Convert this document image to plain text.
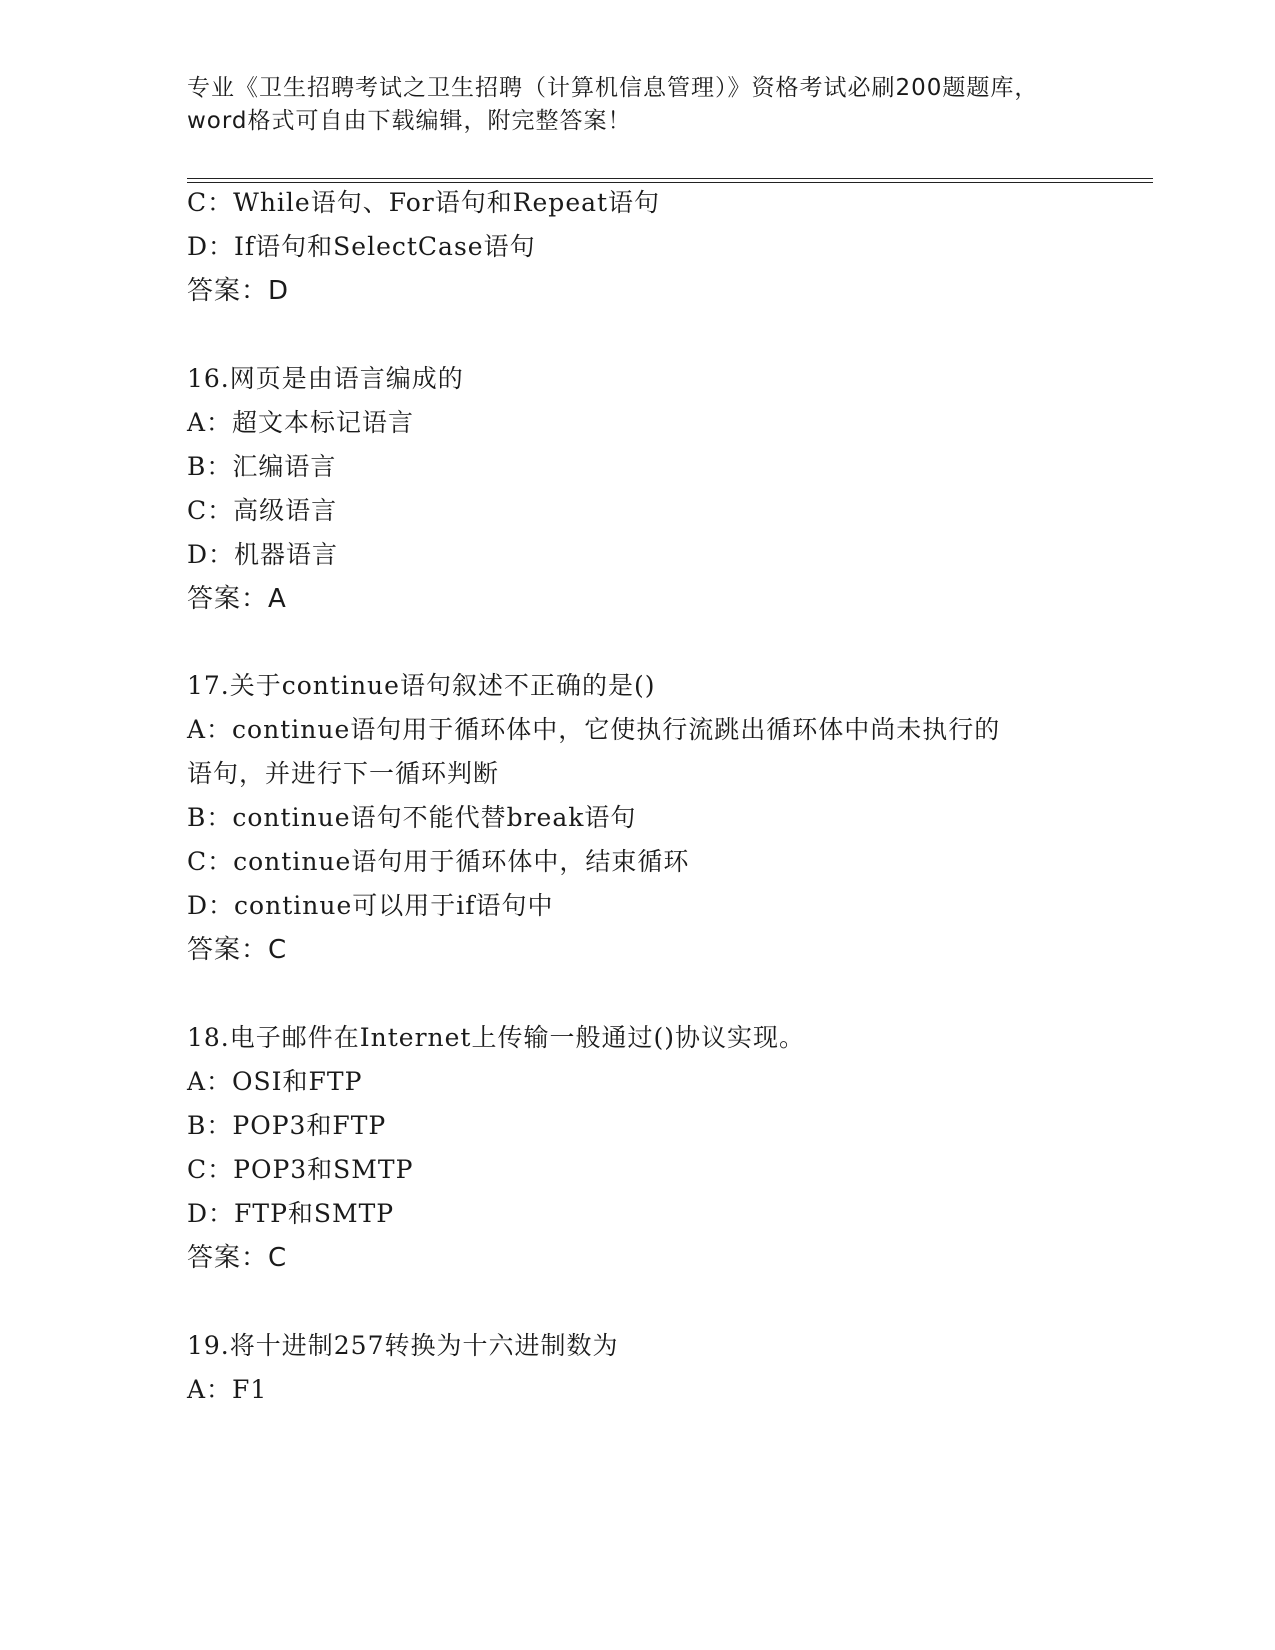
专业《卫生招聘考试之卫生招聘（计算机信息管理）》资格考试必刷200题题库，
word格式可自由下载编辑，附完整答案！
C：While语句、For语句和Repeat语句
D：If语句和SelectCase语句
答案：D
16.网页是由语言编成的
A：超文本标记语言
B：汇编语言
C：高级语言
D：机器语言
答案：A
17.关于continue语句叙述不正确的是()
A：continue语句用于循环体中，它使执行流跳出循环体中尚未执行的
语句，并进行下一循环判断
B：continue语句不能代替break语句
C：continue语句用于循环体中，结束循环
D：continue可以用于if语句中
答案：C
18.电子邮件在Internet上传输一般通过()协议实现。
A：OSI和FTP
B：POP3和FTP
C：POP3和SMTP
D：FTP和SMTP
答案：C
19.将十进制257转换为十六进制数为
A：F1
